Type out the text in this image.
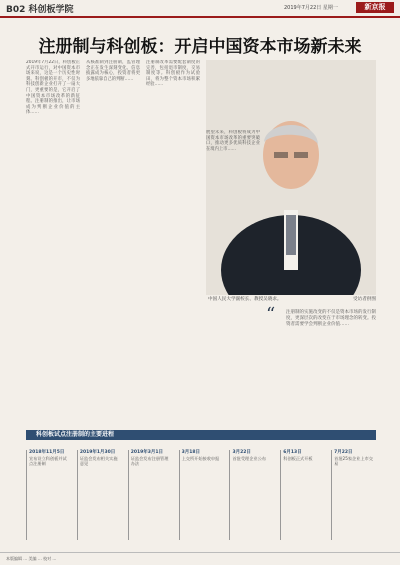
B02 科创板学院	2019年7月22日 星期一	新京报
注册制与科创板：开启中国资本市场新未来
2019年7月22日，科创板正式开市运行，对中国资本市场来说，这是一个历史性时刻。科创板的开市，不仅为科技创新企业打开了一扇大门，更重要的是，它开启了中国资本市场改革的新征程。注册制的推出，让市场成为判断企业价值的主体……
从核准制到注册制，监管理念正在发生深刻变化。信息披露成为核心，投资者将更多地依靠自己的判断……
注册制改革需要配套制度的完善，包括退市制度、交易制度等。科创板作为试验田，将为整个资本市场积累经验……
中国人民大学副校长、教授吴晓求。	受访者供图
展望未来，科创板将成为中国资本市场改革的重要突破口，推动更多优质科技企业在境内上市……
“	注册制的实施改变的不仅是资本市场的发行制度，更深层次的改变在于市场理念的转变。投资者需要学会判断企业价值……
科创板试点注册制的主要进程
2018年11月5日
宣布设立科创板并试点注册制
2019年1月30日
证监会发布相关实施意见
2019年3月1日
证监会发布注册管理办法
3月18日
上交所开始接收申报
3月22日
首批受理企业公布
6月13日
科创板正式开板
7月22日
首批25家企业上市交易
本版编辑 … 美编 … 校对 …
